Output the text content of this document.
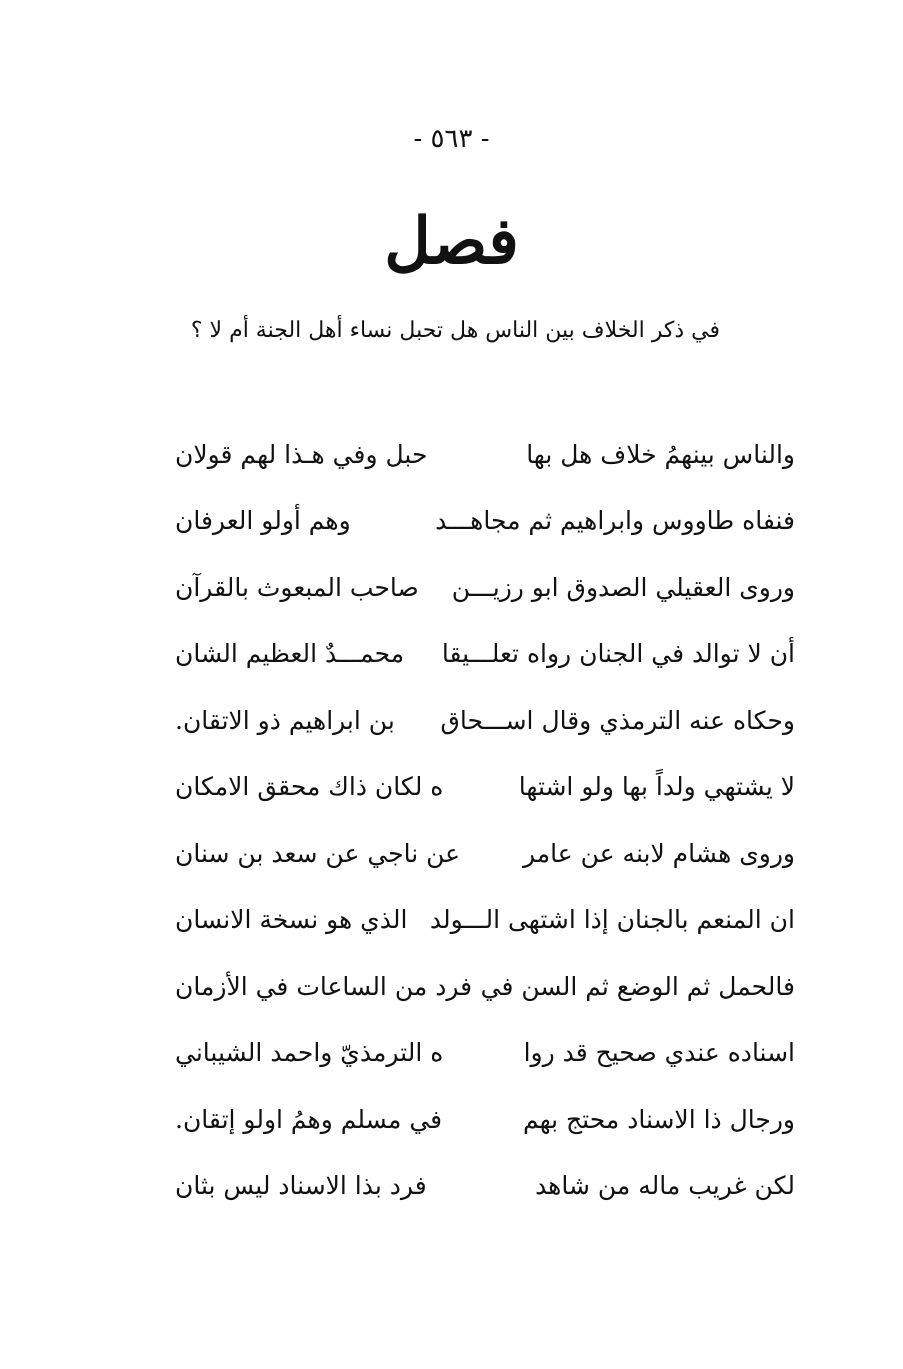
- ٥٦٣ -
فصل
في ذكر الخلاف بين الناس هل تحبل نساء أهل الجنة أم لا ؟
والناس بينهمُ خلاف هل بها
حبل وفي هـذا لهم قولان
فنفاه طاووس وابراهيم ثم مجاهـــد
وهم أولو العرفان
وروى العقيلي الصدوق ابو رزيـــن
صاحب المبعوث بالقرآن
أن لا توالد في الجنان رواه تعلـــيقا
محمـــدٌ العظيم الشان
وحكاه عنه الترمذي وقال اســـحاق
بن ابراهيم ذو الاتقان.
لا يشتهي ولداً بها ولو اشتها
ه لكان ذاك محقق الامكان
وروى هشام لابنه عن عامر
عن ناجي عن سعد بن سنان
ان المنعم بالجنان إذا اشتهى الـــولد
الذي هو نسخة الانسان
فالحمل ثم الوضع ثم السن في
فرد من الساعات في الأزمان
اسناده عندي صحيح قد روا
ه الترمذيّ واحمد الشيباني
ورجال ذا الاسناد محتج بهم
في مسلم وهمُ اولو إتقان.
لكن غريب ماله من شاهد
فرد بذا الاسناد ليس بثان
